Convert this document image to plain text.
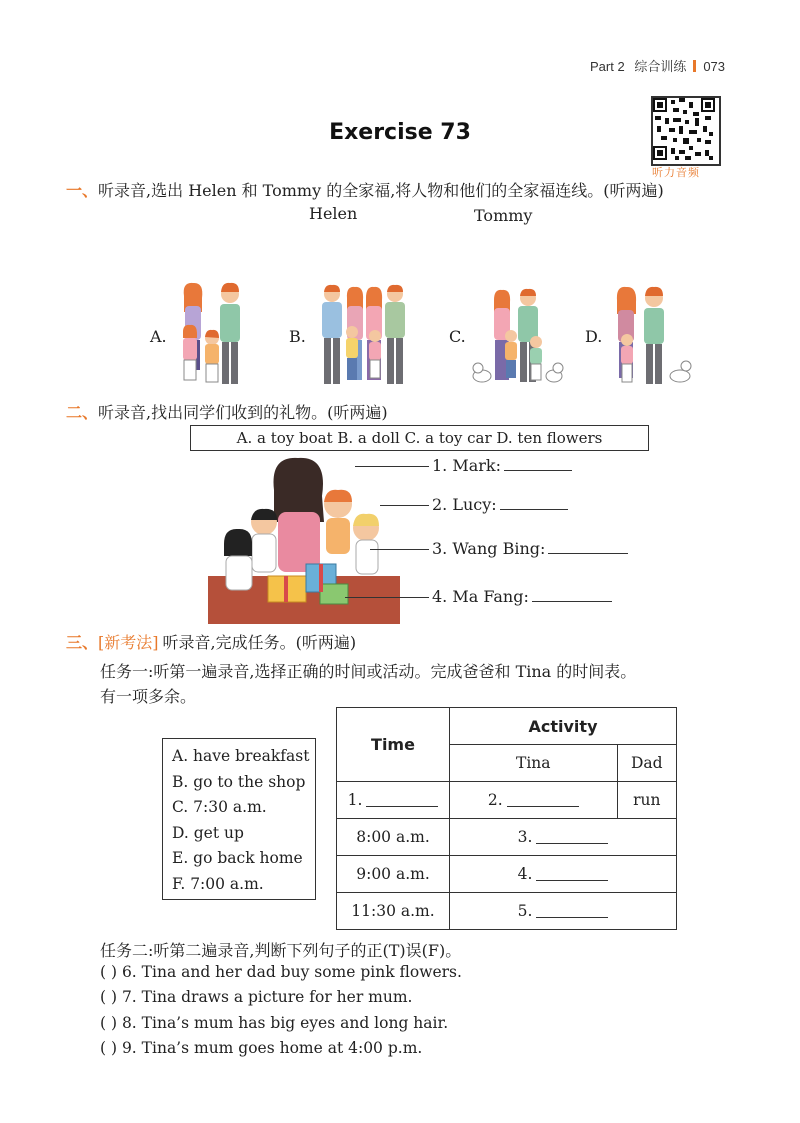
Part 2 综合训练 073
听力音频
Exercise 73
一、听录音,选出 Helen 和 Tommy 的全家福,将人物和他们的全家福连线。(听两遍)
Helen	Tommy
A.	B.	C.	D.
二、听录音,找出同学们收到的礼物。(听两遍)
A. a toy boat B. a doll C. a toy car D. ten flowers
1. Mark:
2. Lucy:
3. Wang Bing:
4. Ma Fang:
三、[新考法] 听录音,完成任务。(听两遍)
任务一:听第一遍录音,选择正确的时间或活动。完成爸爸和 Tina 的时间表。
有一项多余。
A. have breakfast
B. go to the shop
C. 7:30 a.m.
D. get up
E. go back home
F. 7:00 a.m.
Time	Activity	
	Tina	Dad
1.	2.	run
8:00 a.m.	3.	
9:00 a.m.	4.	
11:30 a.m.	5.	
任务二:听第二遍录音,判断下列句子的正(T)误(F)。
( ) 6. Tina and her dad buy some pink flowers.
( ) 7. Tina draws a picture for her mum.
( ) 8. Tina’s mum has big eyes and long hair.
( ) 9. Tina’s mum goes home at 4:00 p.m.
